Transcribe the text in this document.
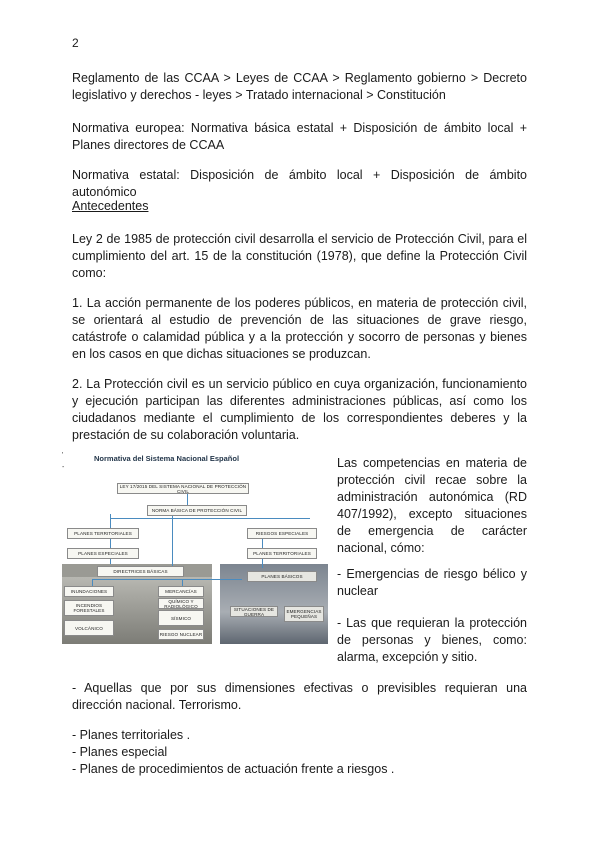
2

Reglamento de las CCAA > Leyes de CCAA > Reglamento gobierno > Decreto legislativo y derechos - leyes > Tratado internacional > Constitución

Normativa europea: Normativa básica estatal + Disposición de ámbito local + Planes directores de CCAA

Normativa estatal: Disposición de ámbito local + Disposición de ámbito autonómico

Antecedentes

Ley 2 de 1985 de protección civil desarrolla el servicio de Protección Civil, para el cumplimiento del art. 15 de la constitución (1978), que define la Protección Civil como:

1. La acción permanente de los poderes públicos, en materia de protección civil, se orientará al estudio de prevención de las situaciones de grave riesgo, catástrofe o calamidad pública y a la protección y socorro de personas y bienes en los casos en que dichas situaciones se produzcan.

2. La Protección civil es un servicio público en cuya organización, funcionamiento y ejecución participan las diferentes administraciones públicas, así como los ciudadanos mediante el cumplimiento de los correspondientes deberes y la prestación de su colaboración voluntaria.

'
-
Normativa del Sistema Nacional Español
LEY 17/2015 DEL SISTEMA NACIONAL DE PROTECCIÓN CIVIL
NORMA BÁSICA DE PROTECCIÓN CIVIL
PLANES TERRITORIALES
PLANES ESPECIALES
DIRECTRICES BÁSICAS
RIESGOS ESPECIALES
PLANES TERRITORIALES
PLANES BÁSICOS
INUNDACIONES
INCENDIOS FORESTALES
VOLCÁNICO
MERCANCÍAS
QUÍMICO Y RADIOLÓGICO
SÍSMICO
RIESGO NUCLEAR
SITUACIONES DE GUERRA	EMERGENCIAS PEQUEÑAS

Las competencias en materia de protección civil recae sobre la administración autonómica (RD 407/1992), excepto situaciones de emergencia de carácter nacional, cómo:

- Emergencias de riesgo bélico y nuclear

- Las que requieran la protección de personas y bienes, como: alarma, excepción y sitio.

- Aquellas que por sus dimensiones efectivas o previsibles requieran una dirección nacional. Terrorismo.

- Planes territoriales .
- Planes especial
- Planes de procedimientos de actuación frente a riesgos .
